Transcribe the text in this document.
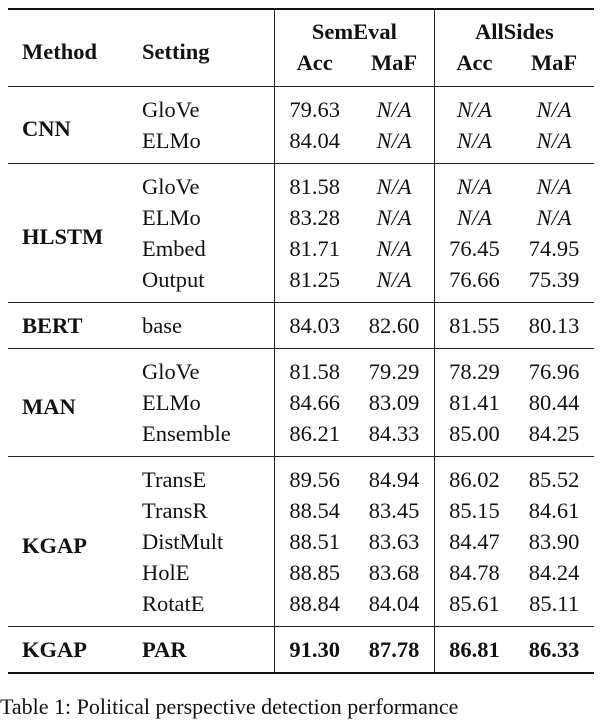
Method	Setting	SemEval		AllSides	
		Acc	MaF	Acc	MaF
CNN	GloVe	79.63	N/A	N/A	N/A
	ELMo	84.04	N/A	N/A	N/A
HLSTM	GloVe	81.58	N/A	N/A	N/A
	ELMo	83.28	N/A	N/A	N/A
	Embed	81.71	N/A	76.45	74.95
	Output	81.25	N/A	76.66	75.39
BERT	base	84.03	82.60	81.55	80.13
MAN	GloVe	81.58	79.29	78.29	76.96
	ELMo	84.66	83.09	81.41	80.44
	Ensemble	86.21	84.33	85.00	84.25
KGAP	TransE	89.56	84.94	86.02	85.52
	TransR	88.54	83.45	85.15	84.61
	DistMult	88.51	83.63	84.47	83.90
	HolE	88.85	83.68	84.78	84.24
	RotatE	88.84	84.04	85.61	85.11
KGAP	PAR	91.30	87.78	86.81	86.33
Table 1: Political perspective detection performance
